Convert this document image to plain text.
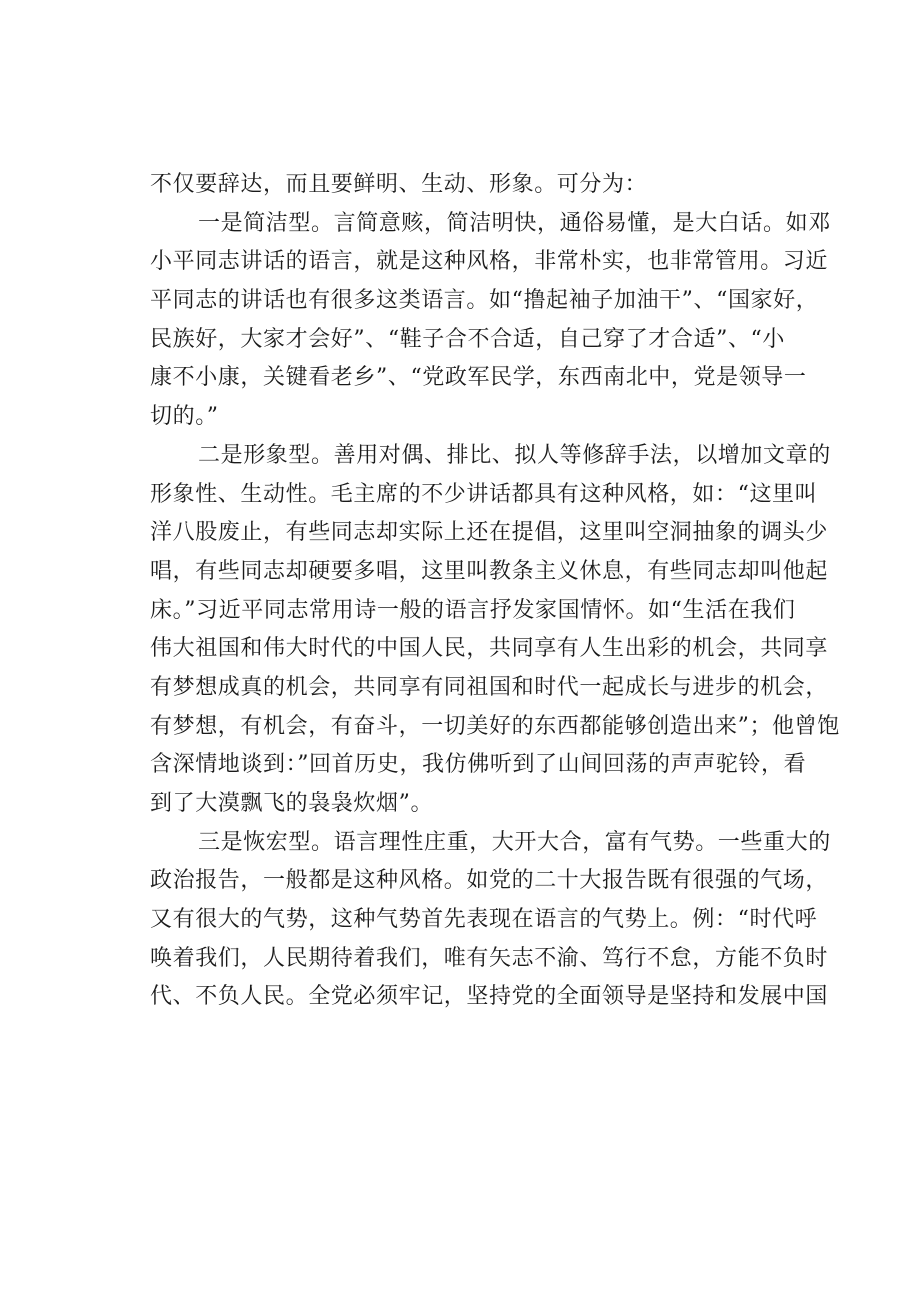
不仅要辞达，而且要鲜明、生动、形象。可分为：
一是简洁型。言简意赅，简洁明快，通俗易懂，是大白话。如邓
小平同志讲话的语言，就是这种风格，非常朴实，也非常管用。习近
平同志的讲话也有很多这类语言。如“撸起袖子加油干”、“国家好，
民族好，大家才会好”、“鞋子合不合适，自己穿了才合适”、“小
康不小康，关键看老乡”、“党政军民学，东西南北中，党是领导一
切的。”
二是形象型。善用对偶、排比、拟人等修辞手法，以增加文章的
形象性、生动性。毛主席的不少讲话都具有这种风格，如：“这里叫
洋八股废止，有些同志却实际上还在提倡，这里叫空洞抽象的调头少
唱，有些同志却硬要多唱，这里叫教条主义休息，有些同志却叫他起
床。”习近平同志常用诗一般的语言抒发家国情怀。如“生活在我们
伟大祖国和伟大时代的中国人民，共同享有人生出彩的机会，共同享
有梦想成真的机会，共同享有同祖国和时代一起成长与进步的机会，
有梦想，有机会，有奋斗，一切美好的东西都能够创造出来”；他曾饱
含深情地谈到：”回首历史，我仿佛听到了山间回荡的声声驼铃，看
到了大漠飘飞的袅袅炊烟”。
三是恢宏型。语言理性庄重，大开大合，富有气势。一些重大的
政治报告，一般都是这种风格。如党的二十大报告既有很强的气场，
又有很大的气势，这种气势首先表现在语言的气势上。例：“时代呼
唤着我们，人民期待着我们，唯有矢志不渝、笃行不怠，方能不负时
代、不负人民。全党必须牢记，坚持党的全面领导是坚持和发展中国
